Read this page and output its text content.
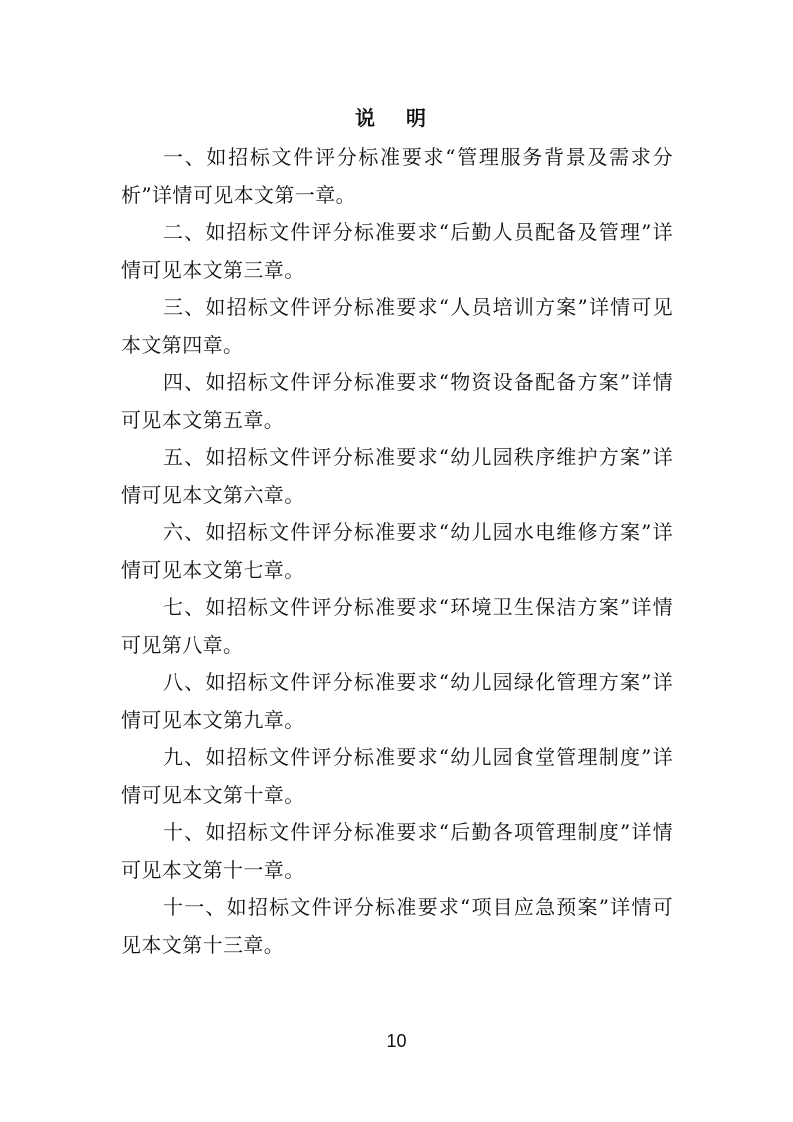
说 明

一、如招标文件评分标准要求“管理服务背景及需求分析”详情可见本文第一章。

二、如招标文件评分标准要求“后勤人员配备及管理”详情可见本文第三章。

三、如招标文件评分标准要求“人员培训方案”详情可见本文第四章。

四、如招标文件评分标准要求“物资设备配备方案”详情可见本文第五章。

五、如招标文件评分标准要求“幼儿园秩序维护方案”详情可见本文第六章。

六、如招标文件评分标准要求“幼儿园水电维修方案”详情可见本文第七章。

七、如招标文件评分标准要求“环境卫生保洁方案”详情可见第八章。

八、如招标文件评分标准要求“幼儿园绿化管理方案”详情可见本文第九章。

九、如招标文件评分标准要求“幼儿园食堂管理制度”详情可见本文第十章。

十、如招标文件评分标准要求“后勤各项管理制度”详情可见本文第十一章。

十一、如招标文件评分标准要求“项目应急预案”详情可见本文第十三章。

10
